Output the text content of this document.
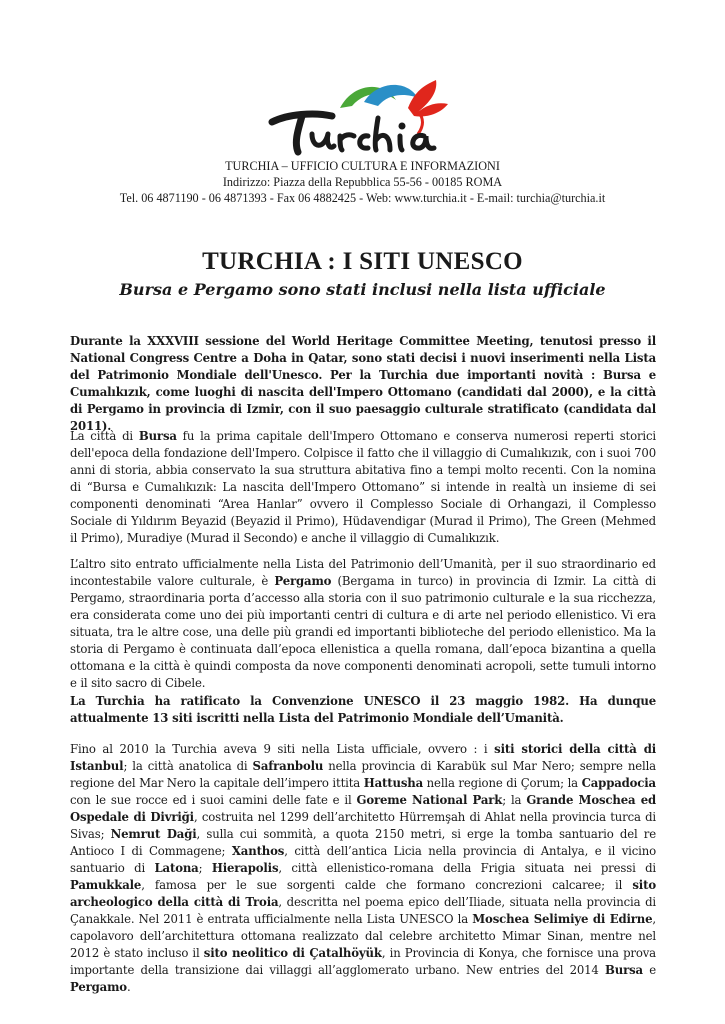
TURCHIA – UFFICIO CULTURA E INFORMAZIONI
Indirizzo: Piazza della Repubblica 55-56 - 00185 ROMA
Tel. 06 4871190 - 06 4871393 - Fax 06 4882425 - Web: www.turchia.it - E-mail: turchia@turchia.it
TURCHIA : I SITI UNESCO
Bursa e Pergamo sono stati inclusi nella lista ufficiale

Durante la XXXVIII sessione del World Heritage Committee Meeting, tenutosi presso il National Congress Centre a Doha in Qatar, sono stati decisi i nuovi inserimenti nella Lista del Patrimonio Mondiale dell'Unesco. Per la Turchia due importanti novità : Bursa e Cumalıkızık, come luoghi di nascita dell'Impero Ottomano (candidati dal 2000), e la città di Pergamo in provincia di Izmir, con il suo paesaggio culturale stratificato (candidata dal 2011).

La città di Bursa fu la prima capitale dell'Impero Ottomano e conserva numerosi reperti storici dell'epoca della fondazione dell'Impero. Colpisce il fatto che il villaggio di Cumalıkızık, con i suoi 700 anni di storia, abbia conservato la sua struttura abitativa fino a tempi molto recenti. Con la nomina di “Bursa e Cumalıkızık: La nascita dell'Impero Ottomano” si intende in realtà un insieme di sei componenti denominati “Area Hanlar” ovvero il Complesso Sociale di Orhangazi, il Complesso Sociale di Yıldırım Beyazid (Beyazid il Primo), Hüdavendigar (Murad il Primo), The Green (Mehmed il Primo), Muradiye (Murad il Secondo) e anche il villaggio di Cumalıkızık.

L’altro sito entrato ufficialmente nella Lista del Patrimonio dell’Umanità, per il suo straordinario ed incontestabile valore culturale, è Pergamo (Bergama in turco) in provincia di Izmir. La città di Pergamo, straordinaria porta d’accesso alla storia con il suo patrimonio culturale e la sua ricchezza, era considerata come uno dei più importanti centri di cultura e di arte nel periodo ellenistico. Vi era situata, tra le altre cose, una delle più grandi ed importanti biblioteche del periodo ellenistico. Ma la storia di Pergamo è continuata dall’epoca ellenistica a quella romana, dall’epoca bizantina a quella ottomana e la città è quindi composta da nove componenti denominati acropoli, sette tumuli intorno e il sito sacro di Cibele.

La Turchia ha ratificato la Convenzione UNESCO il 23 maggio 1982. Ha dunque attualmente 13 siti iscritti nella Lista del Patrimonio Mondiale dell’Umanità.

Fino al 2010 la Turchia aveva 9 siti nella Lista ufficiale, ovvero : i siti storici della città di Istanbul; la città anatolica di Safranbolu nella provincia di Karabük sul Mar Nero; sempre nella regione del Mar Nero la capitale dell’impero ittita Hattusha nella regione di Çorum; la Cappadocia con le sue rocce ed i suoi camini delle fate e il Goreme National Park; la Grande Moschea ed Ospedale di Divriği, costruita nel 1299 dell’architetto Hürremşah di Ahlat nella provincia turca di Sivas; Nemrut Daği, sulla cui sommità, a quota 2150 metri, si erge la tomba santuario del re Antioco I di Commagene; Xanthos, città dell’antica Licia nella provincia di Antalya, e il vicino santuario di Latona; Hierapolis, città ellenistico-romana della Frigia situata nei pressi di Pamukkale, famosa per le sue sorgenti calde che formano concrezioni calcaree; il sito archeologico della città di Troia, descritta nel poema epico dell’Iliade, situata nella provincia di Çanakkale. Nel 2011 è entrata ufficialmente nella Lista UNESCO la Moschea Selimiye di Edirne, capolavoro dell’architettura ottomana realizzato dal celebre architetto Mimar Sinan, mentre nel 2012 è stato incluso il sito neolitico di Çatalhöyük, in Provincia di Konya, che fornisce una prova importante della transizione dai villaggi all’agglomerato urbano. New entries del 2014 Bursa e Pergamo.
